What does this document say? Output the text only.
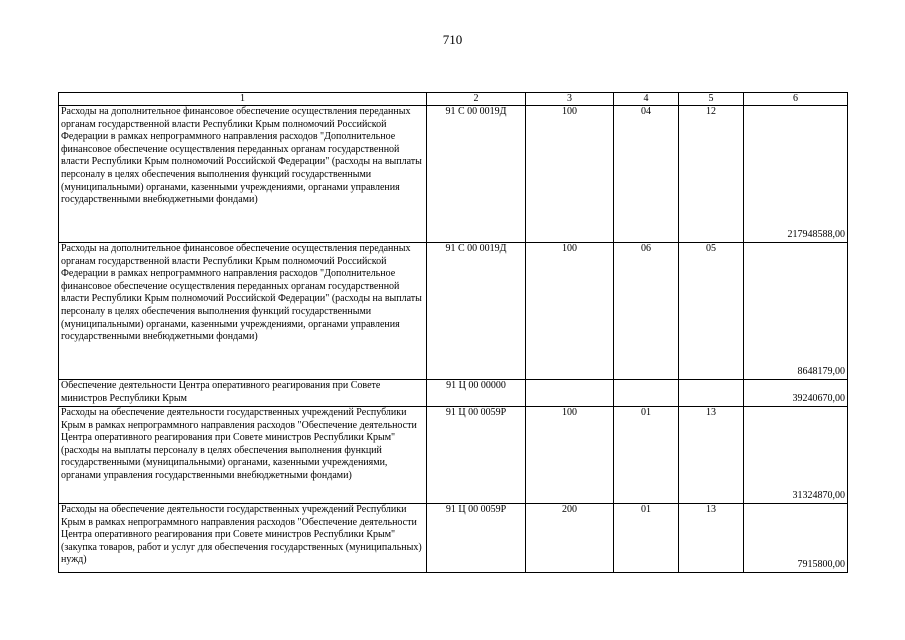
710
1	2	3	4	5	6
Расходы на дополнительное финансовое обеспечение осуществления переданных органам государственной власти Республики Крым полномочий Российской Федерации в рамках непрограммного направления расходов "Дополнительное финансовое обеспечение осуществления переданных органам государственной власти Республики Крым полномочий Российской Федерации" (расходы на выплаты персоналу в целях обеспечения выполнения функций государственными (муниципальными) органами, казенными учреждениями, органами управления государственными внебюджетными фондами)	91 С 00 0019Д	100	04	12	217948588,00
Расходы на дополнительное финансовое обеспечение осуществления переданных органам государственной власти Республики Крым полномочий Российской Федерации в рамках непрограммного направления расходов "Дополнительное финансовое обеспечение осуществления переданных органам государственной власти Республики Крым полномочий Российской Федерации" (расходы на выплаты персоналу в целях обеспечения выполнения функций государственными (муниципальными) органами, казенными учреждениями, органами управления государственными внебюджетными фондами)	91 С 00 0019Д	100	06	05	8648179,00
Обеспечение деятельности Центра оперативного реагирования при Совете министров Республики Крым	91 Ц 00 00000				39240670,00
Расходы на обеспечение деятельности государственных учреждений Республики Крым в рамках непрограммного направления расходов "Обеспечение деятельности Центра оперативного реагирования при Совете министров Республики Крым" (расходы на выплаты персоналу в целях обеспечения выполнения функций государственными (муниципальными) органами, казенными учреждениями, органами управления государственными внебюджетными фондами)	91 Ц 00 0059Р	100	01	13	31324870,00
Расходы на обеспечение деятельности государственных учреждений Республики Крым в рамках непрограммного направления расходов "Обеспечение деятельности Центра оперативного реагирования при Совете министров Республики Крым" (закупка товаров, работ и услуг для обеспечения государственных (муниципальных) нужд)	91 Ц 00 0059Р	200	01	13	7915800,00
